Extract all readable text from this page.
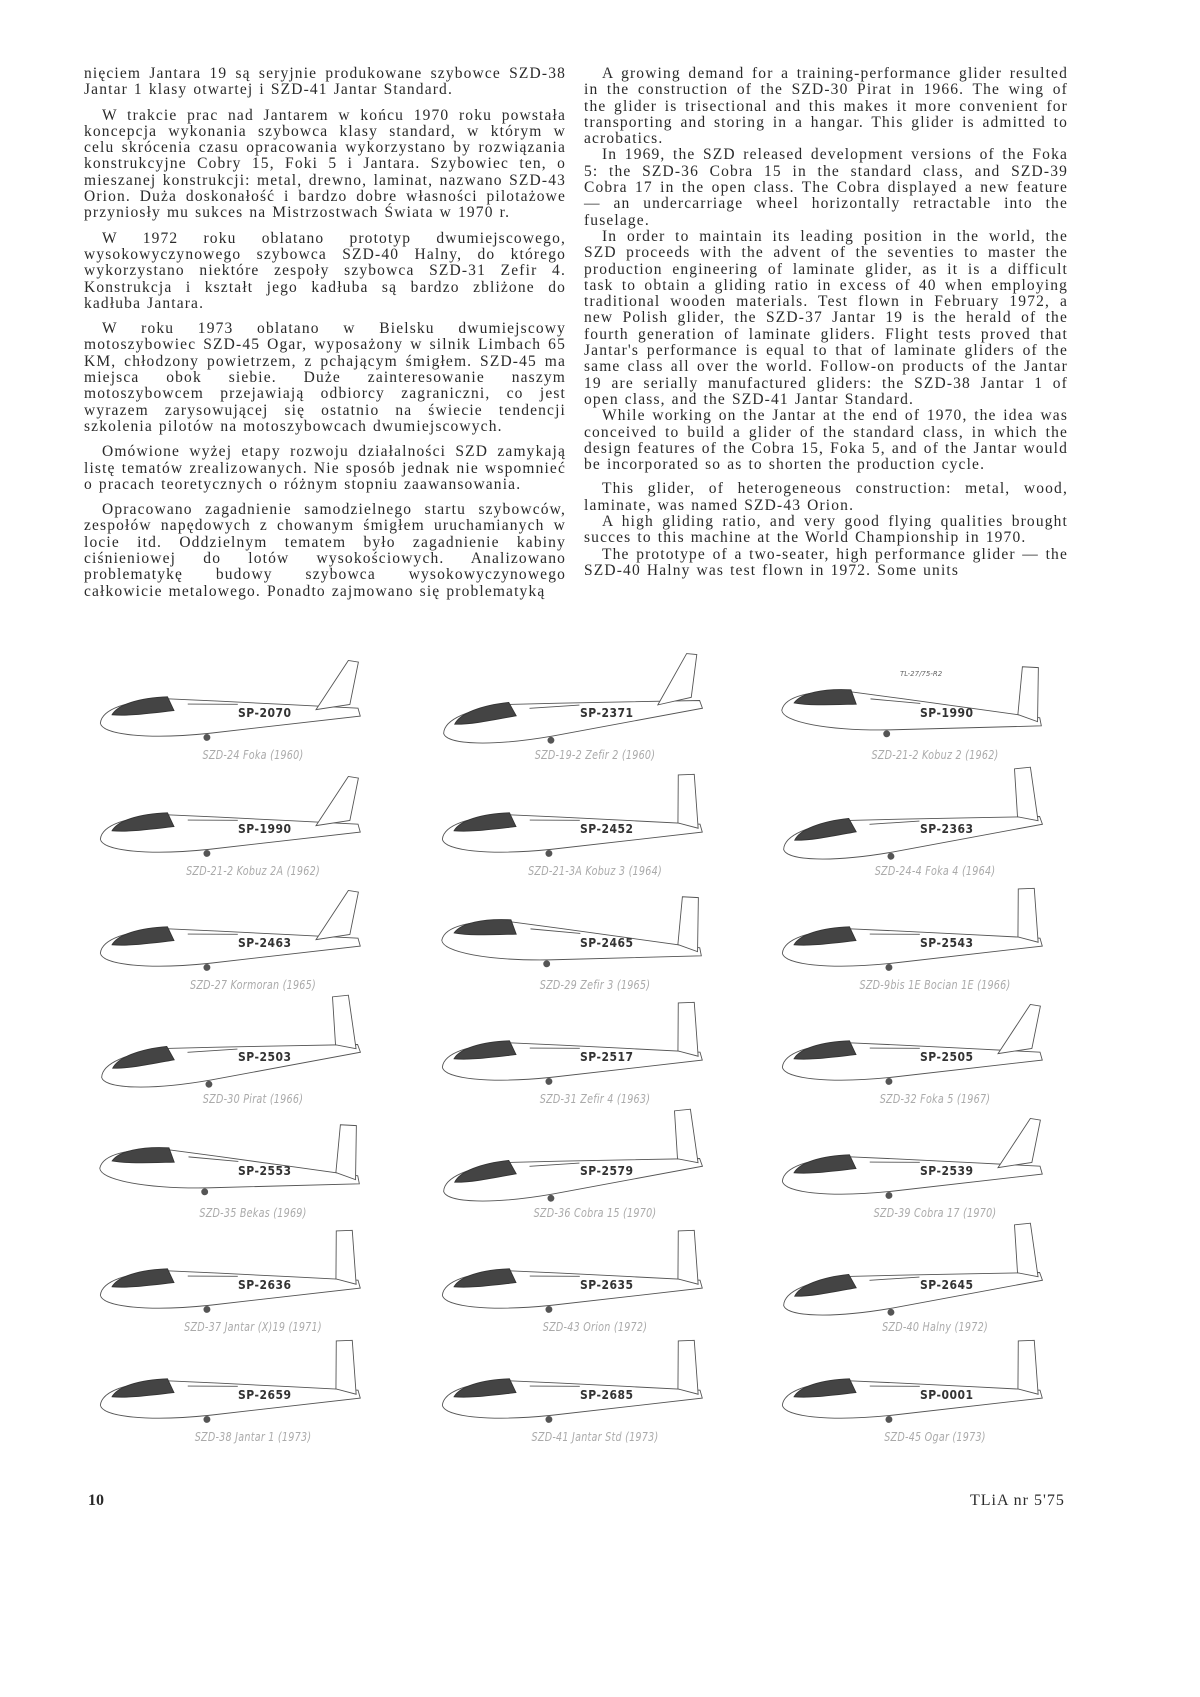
nięciem Jantara 19 są seryjnie produkowane szybowce SZD-38 Jantar 1 klasy otwartej i SZD-41 Jantar Standard.

W trakcie prac nad Jantarem w końcu 1970 roku powstała koncepcja wykonania szybowca klasy standard, w którym w celu skrócenia czasu opracowania wykorzystano by rozwiązania konstrukcyjne Cobry 15, Foki 5 i Jantara. Szybowiec ten, o mieszanej konstrukcji: metal, drewno, laminat, nazwano SZD-43 Orion. Duża doskonałość i bardzo dobre własności pilotażowe przyniosły mu sukces na Mistrzostwach Świata w 1970 r.

W 1972 roku oblatano prototyp dwumiejscowego, wysokowyczynowego szybowca SZD-40 Halny, do którego wykorzystano niektóre zespoły szybowca SZD-31 Zefir 4. Konstrukcja i kształt jego kadłuba są bardzo zbliżone do kadłuba Jantara.

W roku 1973 oblatano w Bielsku dwumiejscowy motoszybowiec SZD-45 Ogar, wyposażony w silnik Limbach 65 KM, chłodzony powietrzem, z pchającym śmigłem. SZD-45 ma miejsca obok siebie. Duże zainteresowanie naszym motoszybowcem przejawiają odbiorcy zagraniczni, co jest wyrazem zarysowującej się ostatnio na świecie tendencji szkolenia pilotów na motoszybowcach dwumiejscowych.

Omówione wyżej etapy rozwoju działalności SZD zamykają listę tematów zrealizowanych. Nie sposób jednak nie wspomnieć o pracach teoretycznych o różnym stopniu zaawansowania.

Opracowano zagadnienie samodzielnego startu szybowców, zespołów napędowych z chowanym śmigłem uruchamianych w locie itd. Oddzielnym tematem było zagadnienie kabiny ciśnieniowej do lotów wysokościowych. Analizowano problematykę budowy szybowca wysokowyczynowego całkowicie metalowego. Ponadto zajmowano się problematyką

A growing demand for a training-performance glider resulted in the construction of the SZD-30 Pirat in 1966. The wing of the glider is trisectional and this makes it more convenient for transporting and storing in a hangar. This glider is admitted to acrobatics.

In 1969, the SZD released development versions of the Foka 5: the SZD-36 Cobra 15 in the standard class, and SZD-39 Cobra 17 in the open class. The Cobra displayed a new feature — an undercarriage wheel horizontally retractable into the fuselage.

In order to maintain its leading position in the world, the SZD proceeds with the advent of the seventies to master the production engineering of laminate glider, as it is a difficult task to obtain a gliding ratio in excess of 40 when employing traditional wooden materials. Test flown in February 1972, a new Polish glider, the SZD-37 Jantar 19 is the herald of the fourth generation of laminate gliders. Flight tests proved that Jantar's performance is equal to that of laminate gliders of the same class all over the world. Follow-on products of the Jantar 19 are serially manufactured gliders: the SZD-38 Jantar 1 of open class, and the SZD-41 Jantar Standard.

While working on the Jantar at the end of 1970, the idea was conceived to build a glider of the standard class, in which the design features of the Cobra 15, Foka 5, and of the Jantar would be incorporated so as to shorten the production cycle.

This glider, of heterogeneous construction: metal, wood, laminate, was named SZD-43 Orion.

A high gliding ratio, and very good flying qualities brought succes to this machine at the World Championship in 1970.

The prototype of a two-seater, high performance glider — the SZD-40 Halny was test flown in 1972. Some units

TL-27/75-R2
SP-2070
SZD-24 Foka (1960)
SP-2371
SZD-19-2 Zefir 2 (1960)
SP-1990
SZD-21-2 Kobuz 2 (1962)
SP-1990
SZD-21-2 Kobuz 2A (1962)
SP-2452
SZD-21-3A Kobuz 3 (1964)
SP-2363
SZD-24-4 Foka 4 (1964)
SP-2463
SZD-27 Kormoran (1965)
SP-2465
SZD-29 Zefir 3 (1965)
SP-2543
SZD-9bis 1E Bocian 1E (1966)
SP-2503
SZD-30 Pirat (1966)
SP-2517
SZD-31 Zefir 4 (1963)
SP-2505
SZD-32 Foka 5 (1967)
SP-2553
SZD-35 Bekas (1969)
SP-2579
SZD-36 Cobra 15 (1970)
SP-2539
SZD-39 Cobra 17 (1970)
SP-2636
SZD-37 Jantar (X)19 (1971)
SP-2635
SZD-43 Orion (1972)
SP-2645
SZD-40 Halny (1972)
SP-2659
SZD-38 Jantar 1 (1973)
SP-2685
SZD-41 Jantar Std (1973)
SP-0001
SZD-45 Ogar (1973)
10	TLiA nr 5'75
